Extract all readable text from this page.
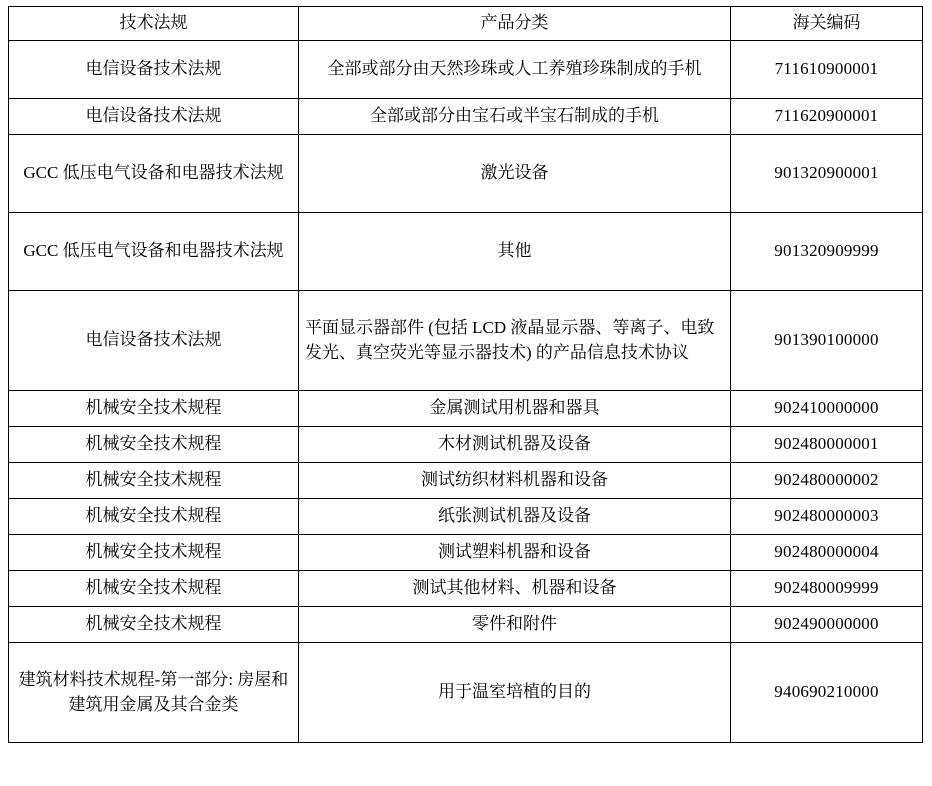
技术法规	产品分类	海关编码
电信设备技术法规	全部或部分由天然珍珠或人工养殖珍珠制成的手机	711610900001
电信设备技术法规	全部或部分由宝石或半宝石制成的手机	711620900001
GCC 低压电气设备和电器技术法规	激光设备	901320900001
GCC 低压电气设备和电器技术法规	其他	901320909999
电信设备技术法规	平面显示器部件 (包括 LCD 液晶显示器、等离子、电致发光、真空荧光等显示器技术) 的产品信息技术协议	901390100000
机械安全技术规程	金属测试用机器和器具	902410000000
机械安全技术规程	木材测试机器及设备	902480000001
机械安全技术规程	测试纺织材料机器和设备	902480000002
机械安全技术规程	纸张测试机器及设备	902480000003
机械安全技术规程	测试塑料机器和设备	902480000004
机械安全技术规程	测试其他材料、机器和设备	902480009999
机械安全技术规程	零件和附件	902490000000
建筑材料技术规程-第一部分: 房屋和建筑用金属及其合金类	用于温室培植的目的	940690210000
